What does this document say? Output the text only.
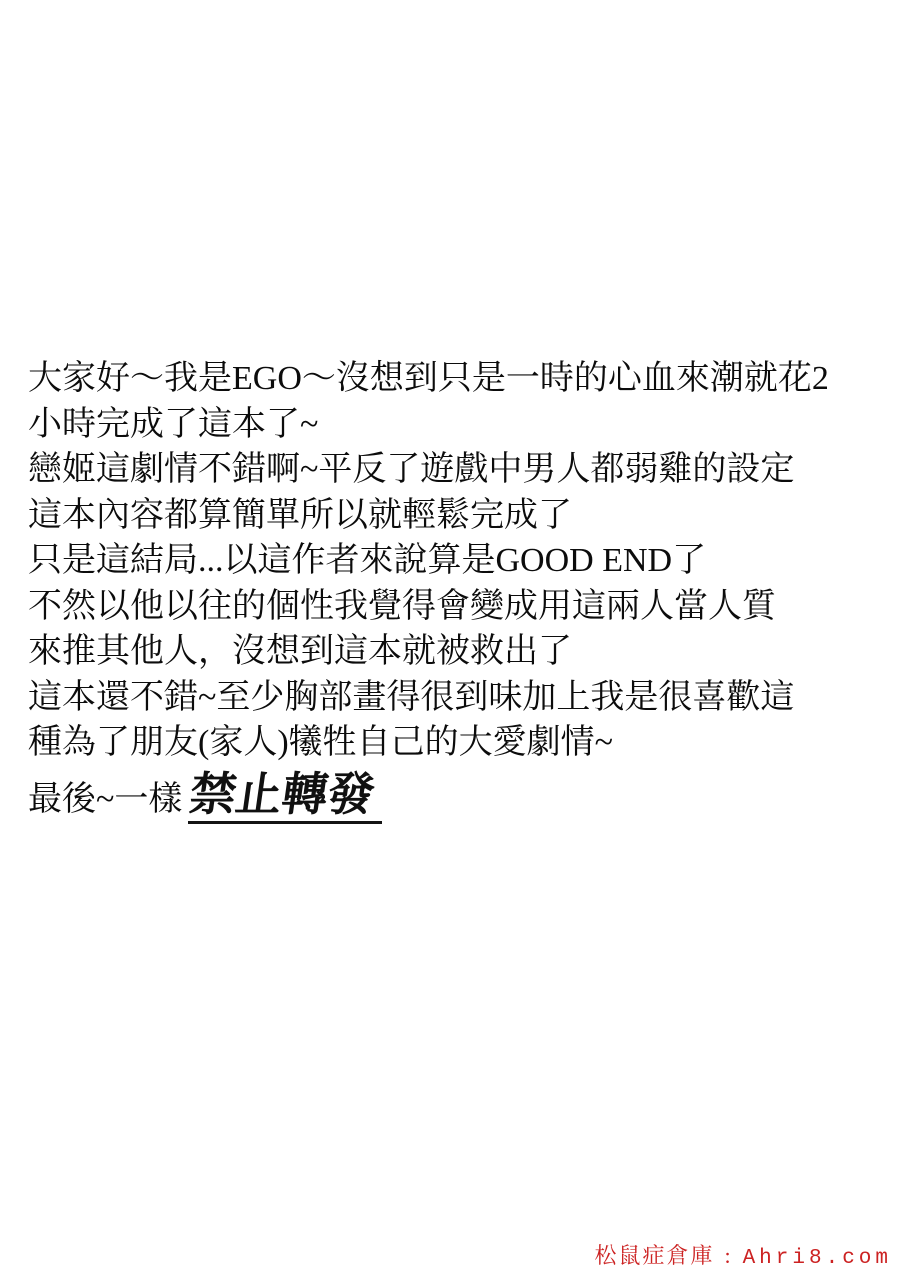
大家好～我是EGO～沒想到只是一時的心血來潮就花2

小時完成了這本了~

戀姬這劇情不錯啊~平反了遊戲中男人都弱雞的設定

這本內容都算簡單所以就輕鬆完成了

只是這結局...以這作者來說算是GOOD END了

不然以他以往的個性我覺得會變成用這兩人當人質

來推其他人，沒想到這本就被救出了

這本還不錯~至少胸部畫得很到味加上我是很喜歡這

種為了朋友(家人)犧牲自己的大愛劇情~

最後~一樣禁止轉發

松鼠症倉庫 : Ahri8.com
